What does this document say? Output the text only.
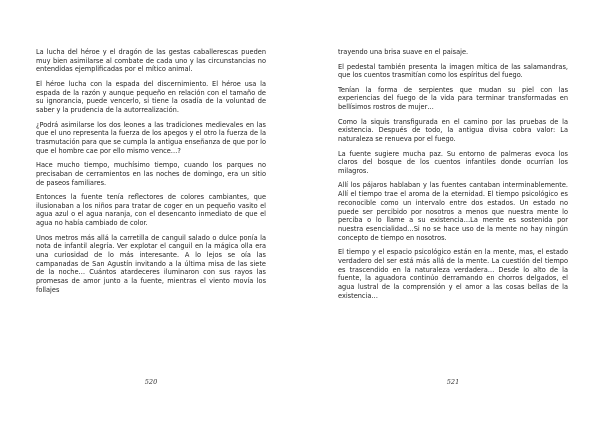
La lucha del héroe y el dragón de las gestas caballerescas pueden muy bien asimilarse al combate de cada uno y las circunstancias no entendidas ejemplificadas por el mítico animal.

El héroe lucha con la espada del discernimiento. El héroe usa la espada de la razón y aunque pequeño en relación con el tamaño de su ignorancia, puede vencerlo, si tiene la osadía de la voluntad de saber y la prudencia de la autorrealización.

¿Podrá asimilarse los dos leones a las tradiciones medievales en las que el uno representa la fuerza de los apegos y el otro la fuerza de la trasmutación para que se cumpla la antigua enseñanza de que por lo que el hombre cae por ello mismo vence…?

Hace mucho tiempo, muchísimo tiempo, cuando los parques no precisaban de cerramientos en las noches de domingo, era un sitio de paseos familiares.

Entonces la fuente tenía reflectores de colores cambiantes, que ilusionaban a los niños para tratar de coger en un pequeño vasito el agua azul o el agua naranja, con el desencanto inmediato de que el agua no había cambiado de color.

Unos metros más allá la carretilla de canguil salado o dulce ponía la nota de infantil alegría. Ver explotar el canguil en la mágica olla era una curiosidad de lo más interesante. A lo lejos se oía las campanadas de San Agustín invitando a la última misa de las siete de la noche… Cuántos atardeceres iluminaron con sus rayos las promesas de amor junto a la fuente, mientras el viento movía los follajes

520

trayendo una brisa suave en el paisaje.

El pedestal también presenta la imagen mítica de las salamandras, que los cuentos trasmitían como los espíritus del fuego.

Tenían la forma de serpientes que mudan su piel con las experiencias del fuego de la vida para terminar transformadas en bellísimos rostros de mujer…

Como la siquis transfigurada en el camino por las pruebas de la existencia. Después de todo, la antigua divisa cobra valor: La naturaleza se renueva por el fuego.

La fuente sugiere mucha paz. Su entorno de palmeras evoca los claros del bosque de los cuentos infantiles donde ocurrían los milagros.

Allí los pájaros hablaban y las fuentes cantaban interminablemente. Allí el tiempo trae el aroma de la eternidad. El tiempo psicológico es reconocible como un intervalo entre dos estados. Un estado no puede ser percibido por nosotros a menos que nuestra mente lo perciba o lo llame a su existencia…La mente es sostenida por nuestra esencialidad…Si no se hace uso de la mente no hay ningún concepto de tiempo en nosotros.

El tiempo y el espacio psicológico están en la mente, mas, el estado verdadero del ser está más allá de la mente. La cuestión del tiempo es trascendido en la naturaleza verdadera… Desde lo alto de la fuente, la aguadora continúo derramando en chorros delgados, el agua lustral de la comprensión y el amor a las cosas bellas de la existencia…

521
